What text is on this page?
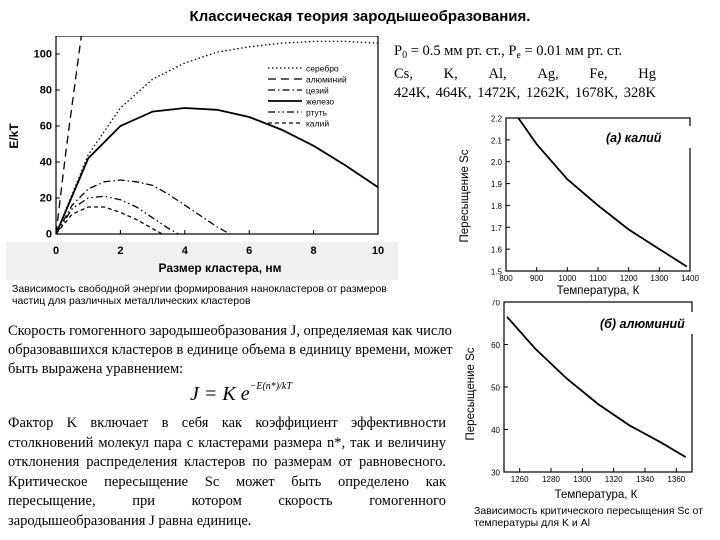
Классическая теория зародышеобразования.
серебро
алюминий
цезий
железо
ртуть
калий
0	2	4	6	8	10
0
20
40
60
80
100
E/kT
Размер кластера, нм
$P_0 = 0.5$ мм рт. ст., $P_e = 0.01$ мм рт. ст.
Cs, K, Al, Ag, Fe, Hg
424K, 464K, 1472K, 1262K, 1678K, 328K
800 900 1000 1100 1200 1300 1400
1.5
1.6
1.7
1.8
1.9
2.0
2.1
2.2
(а) калий
Пересыщение Sc
Температура, К
1260 1280 1300 1320 1340 1360
30
40
50
60
70
(б) алюминий
Пересыщение Sc
Температура, К
Зависимость свободной энергии формирования нанокластеров от размеров частиц для различных металлических кластеров
Скорость гомогенного зародышеобразования J, определяемая как число образовавшихся кластеров в единице объема в единицу времени, может быть выражена уравнением:
J = K $e^{-E(n*)/kT}$
Фактор K включает в себя как коэффициент эффективности столкновений молекул пара с кластерами размера n*, так и величину отклонения распределения кластеров по размерам от равновесного. Критическое пересыщение Sc может быть определено как пересыщение, при котором скорость гомогенного зародышеобразования J равна единице.
Зависимость критического пересыщения Sc от температуры для K и Al
